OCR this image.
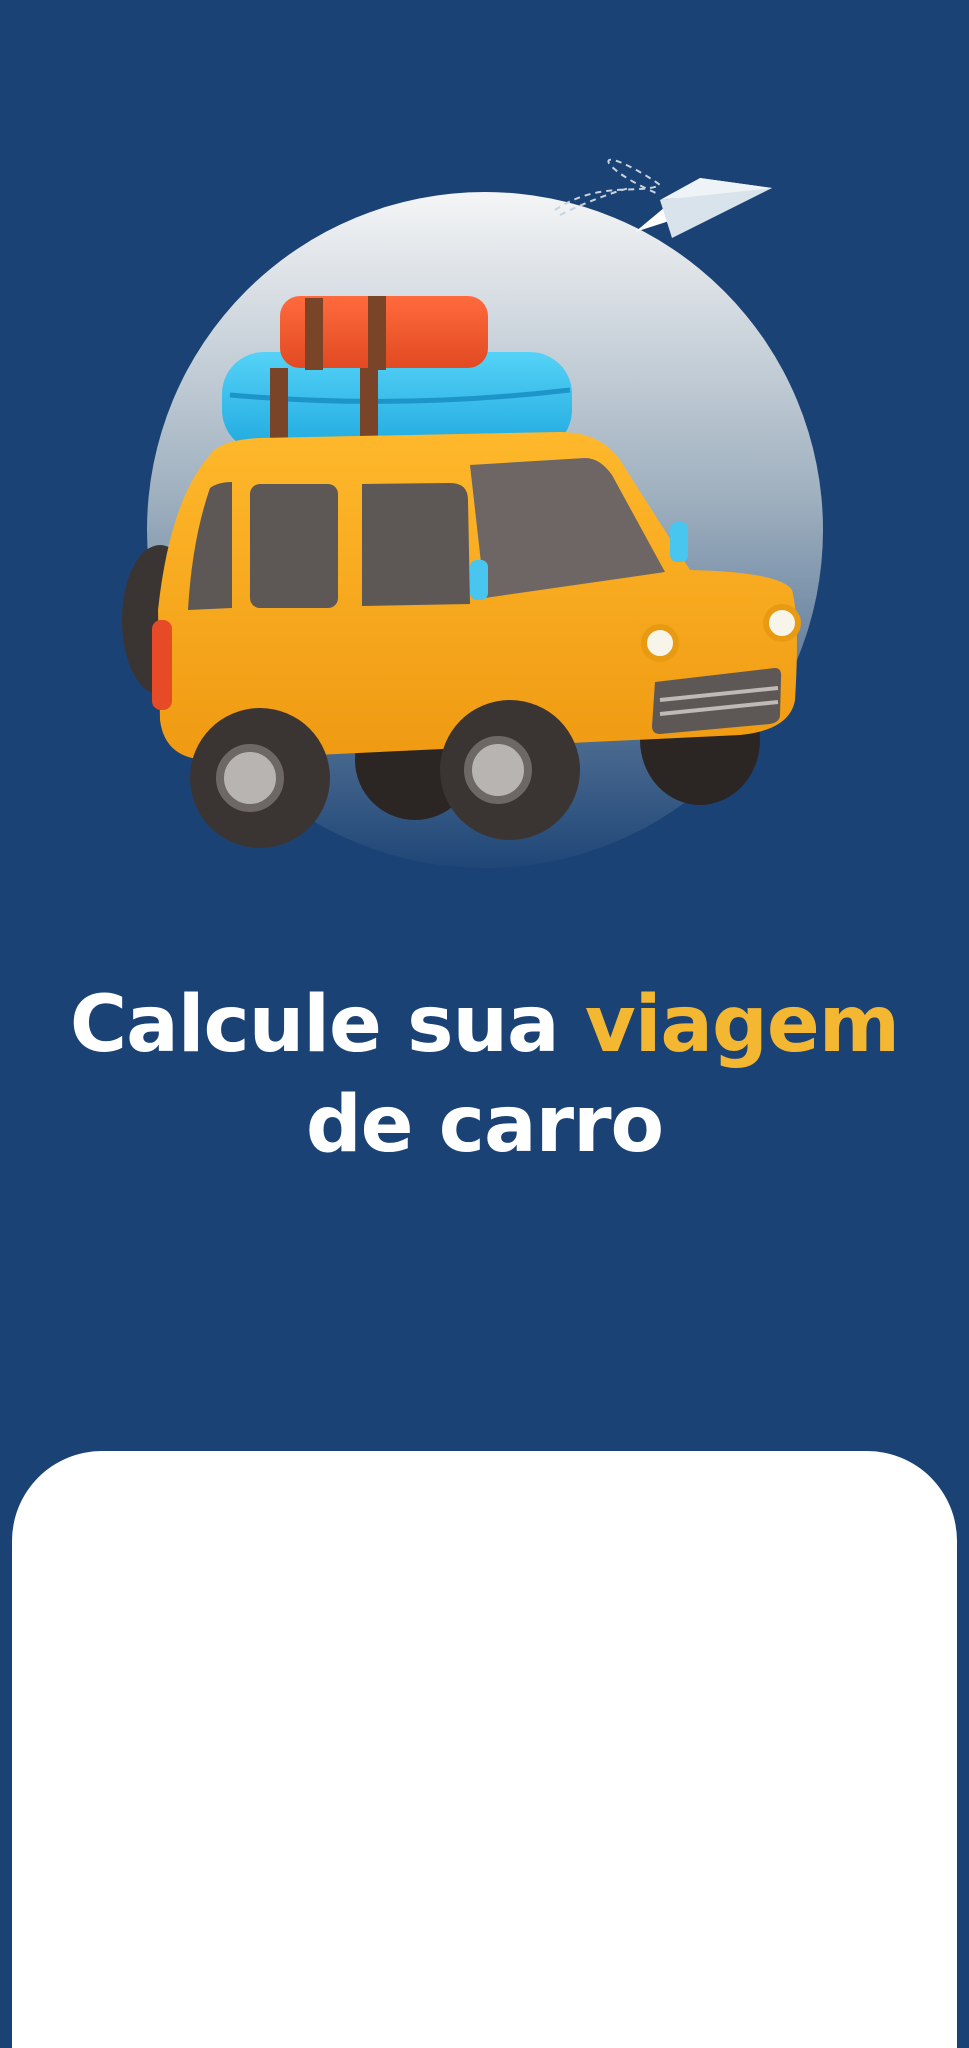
Calcule sua viagem
de carro
